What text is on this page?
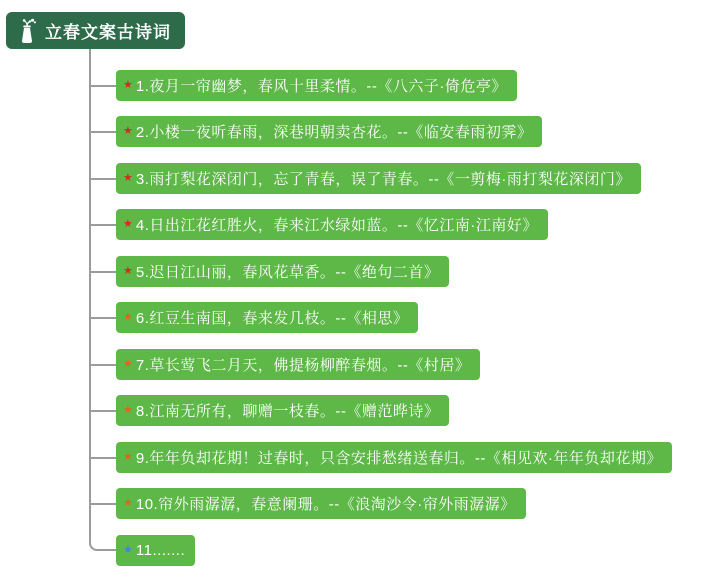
立春文案古诗词
★ 1.夜月一帘幽梦，春风十里柔情。--《八六子·倚危亭》
★ 2.小楼一夜听春雨，深巷明朝卖杏花。--《临安春雨初霁》
★ 3.雨打梨花深闭门，忘了青春，误了青春。--《一剪梅·雨打梨花深闭门》
★ 4.日出江花红胜火，春来江水绿如蓝。--《忆江南·江南好》
★ 5.迟日江山丽，春风花草香。--《绝句二首》
★ 6.红豆生南国，春来发几枝。--《相思》
★ 7.草长莺飞二月天，佛提杨柳醉春烟。--《村居》
★ 8.江南无所有，聊赠一枝春。--《赠范晔诗》
★ 9.年年负却花期！过春时，只含安排愁绪送春归。--《相见欢·年年负却花期》
★ 10.帘外雨潺潺，春意阑珊。--《浪淘沙令·帘外雨潺潺》
★ 11.......
